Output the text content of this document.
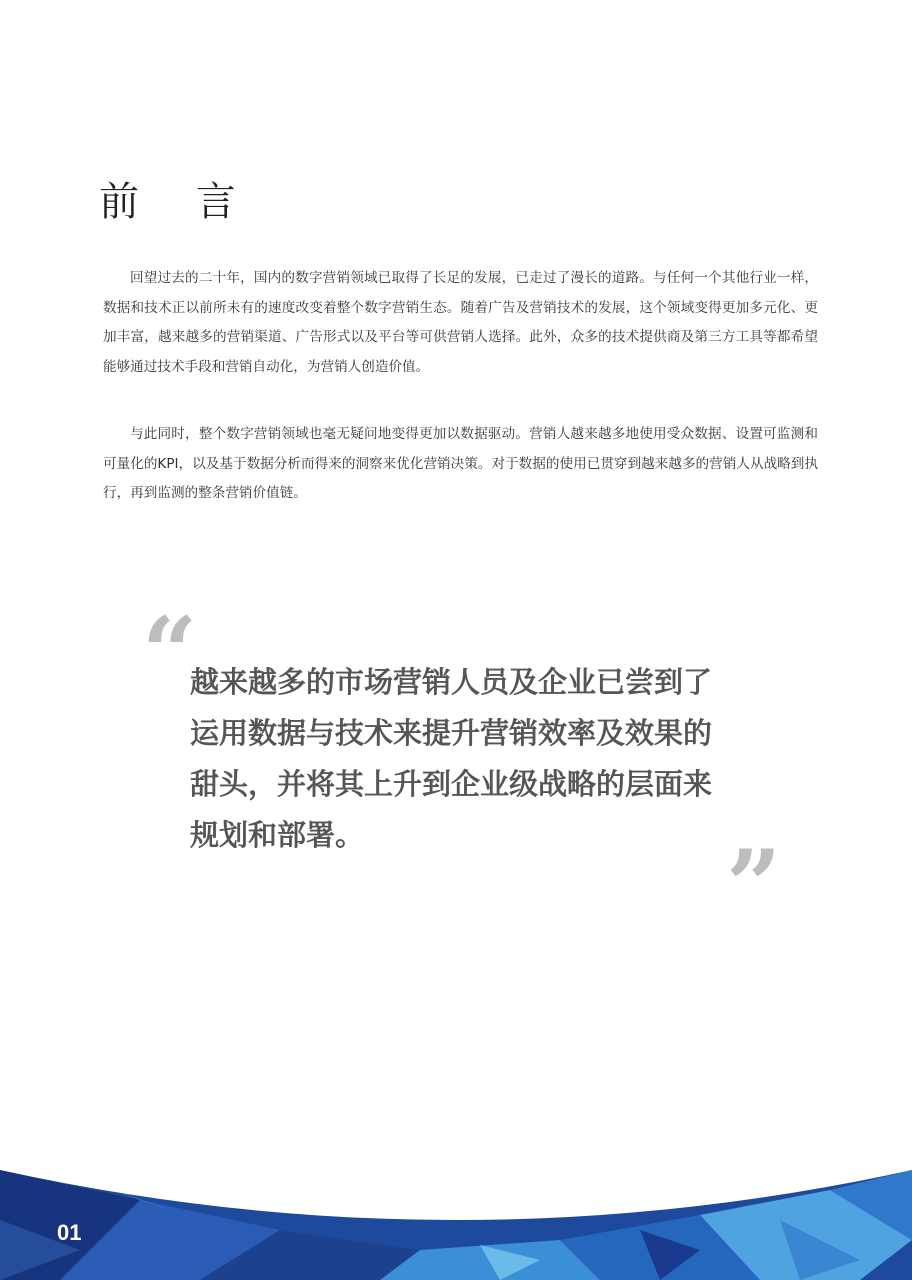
前 言

回望过去的二十年，国内的数字营销领域已取得了长足的发展，已走过了漫长的道路。与任何一个其他行业一样，数据和技术正以前所未有的速度改变着整个数字营销生态。随着广告及营销技术的发展，这个领域变得更加多元化、更加丰富，越来越多的营销渠道、广告形式以及平台等可供营销人选择。此外，众多的技术提供商及第三方工具等都希望能够通过技术手段和营销自动化，为营销人创造价值。

与此同时，整个数字营销领域也毫无疑问地变得更加以数据驱动。营销人越来越多地使用受众数据、设置可监测和可量化的KPI，以及基于数据分析而得来的洞察来优化营销决策。对于数据的使用已贯穿到越来越多的营销人从战略到执行，再到监测的整条营销价值链。

“

越来越多的市场营销人员及企业已尝到了运用数据与技术来提升营销效率及效果的甜头，并将其上升到企业级战略的层面来规划和部署。	”
01
